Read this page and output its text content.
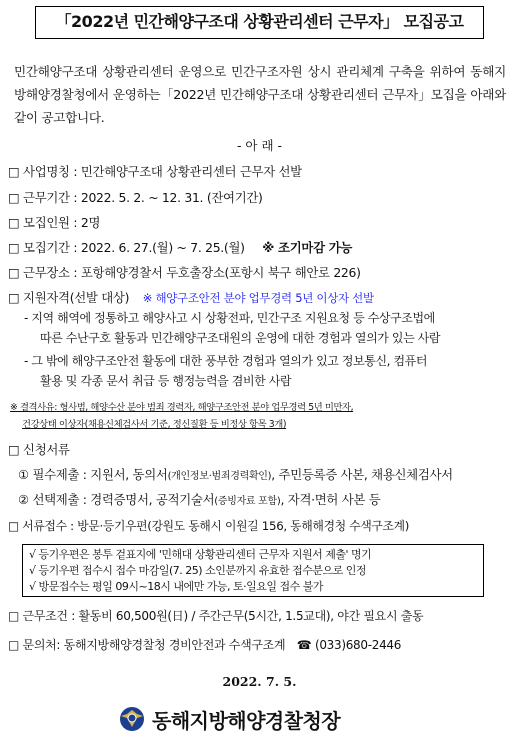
「2022년 민간해양구조대 상황관리센터 근무자」 모집공고
민간해양구조대 상황관리센터 운영으로 민간구조자원 상시 관리체계 구축을 위하여 동해지방해양경찰청에서 운영하는「2022년 민간해양구조대 상황관리센터 근무자」모집을 아래와 같이 공고합니다.
- 아 래 -
□ 사업명칭 : 민간해양구조대 상황관리센터 근무자 선발
□ 근무기간 : 2022. 5. 2. ~ 12. 31. (잔여기간)
□ 모집인원 : 2명
□ 모집기간 : 2022. 6. 27.(월) ~ 7. 25.(월) ※ 조기마감 가능
□ 근무장소 : 포항해양경찰서 두호출장소(포항시 북구 해안로 226)
□ 지원자격(선발 대상) ※ 해양구조안전 분야 업무경력 5년 이상자 선발
- 지역 해역에 정통하고 해양사고 시 상황전파, 민간구조 지원요청 등 수상구조법에
따른 수난구호 활동과 민간해양구조대원의 운영에 대한 경험과 열의가 있는 사람
- 그 밖에 해양구조안전 활동에 대한 풍부한 경험과 열의가 있고 정보통신, 컴퓨터
활용 및 각종 문서 취급 등 행정능력을 겸비한 사람
※ 결격사유: 형사범, 해양수산 분야 범죄 경력자, 해양구조안전 분야 업무경력 5년 미만자,
건강상태 이상자(채용신체검사서 기준, 정신질환 등 비정상 항목 3개)
□ 신청서류
① 필수제출 : 지원서, 동의서(개인정보·범죄경력확인), 주민등록증 사본, 채용신체검사서
② 선택제출 : 경력증명서, 공적기술서(증빙자료 포함), 자격·면허 사본 등
□ 서류접수 : 방문·등기우편(강원도 동해시 이원길 156, 동해해경청 수색구조계)
√ 등기우편은 봉투 겉표지에 '민해대 상황관리센터 근무자 지원서 제출' 명기
√ 등기우편 접수시 접수 마감일(7. 25) 소인분까지 유효한 접수분으로 인정
√ 방문접수는 평일 09시~18시 내에만 가능, 토·일요일 접수 불가
□ 근무조건 : 활동비 60,500원(日) / 주간근무(5시간, 1.5교대), 야간 필요시 출동
□ 문의처: 동해지방해양경찰청 경비안전과 수색구조계 ☎ (033)680-2446
2022. 7. 5.
동해지방해양경찰청장
